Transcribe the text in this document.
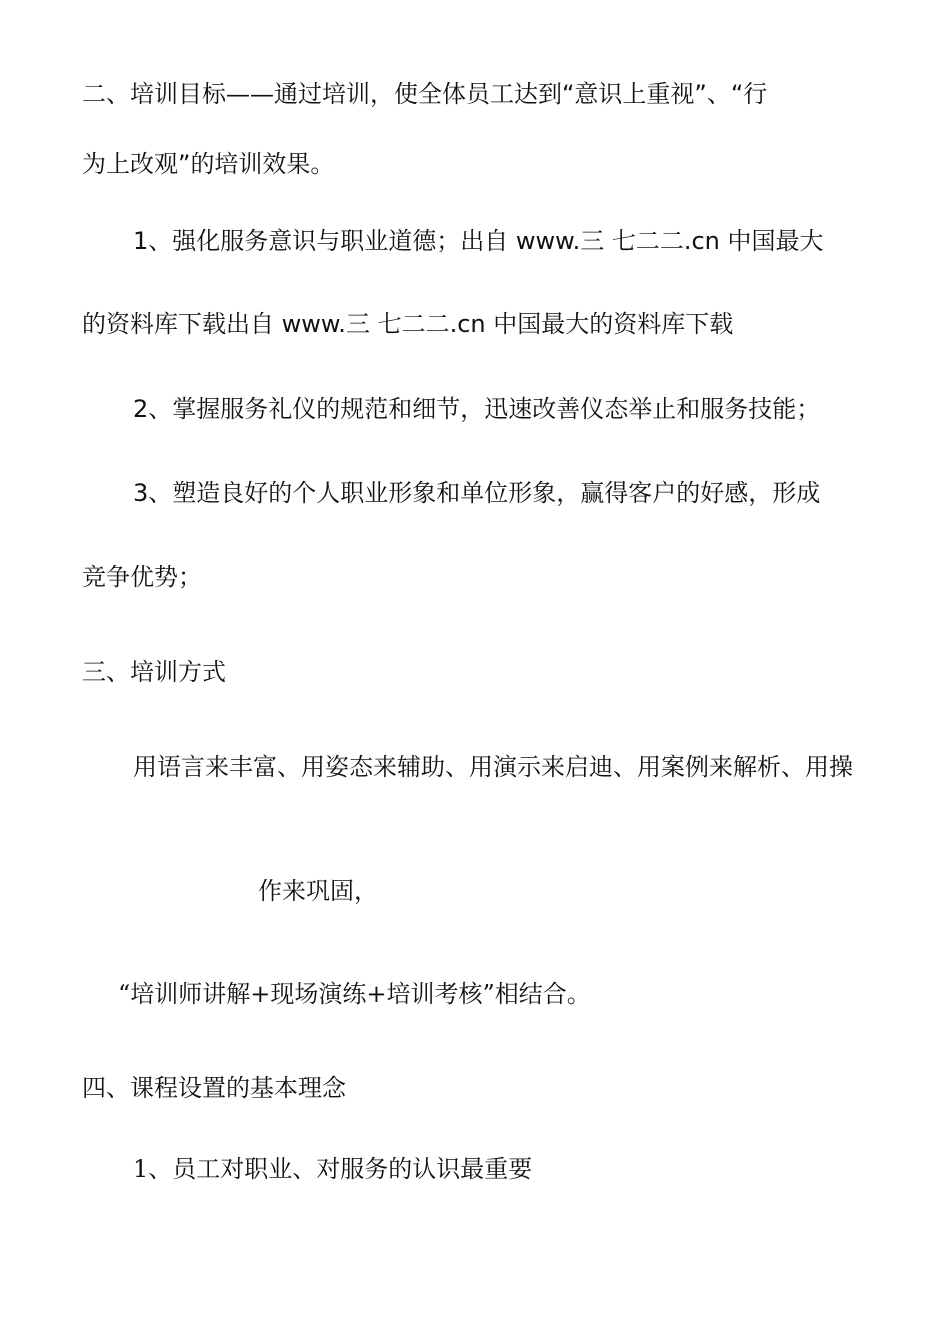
二、培训目标——通过培训，使全体员工达到“意识上重视”、“行

为上改观”的培训效果。

1、强化服务意识与职业道德；出自 www.三 七二二.cn 中国最大

的资料库下载出自 www.三 七二二.cn 中国最大的资料库下载

2、掌握服务礼仪的规范和细节，迅速改善仪态举止和服务技能；

3、塑造良好的个人职业形象和单位形象，赢得客户的好感，形成

竞争优势；

三、培训方式

用语言来丰富、用姿态来辅助、用演示来启迪、用案例来解析、用操

作来巩固，

“培训师讲解+现场演练+培训考核”相结合。

四、课程设置的基本理念

1、员工对职业、对服务的认识最重要
